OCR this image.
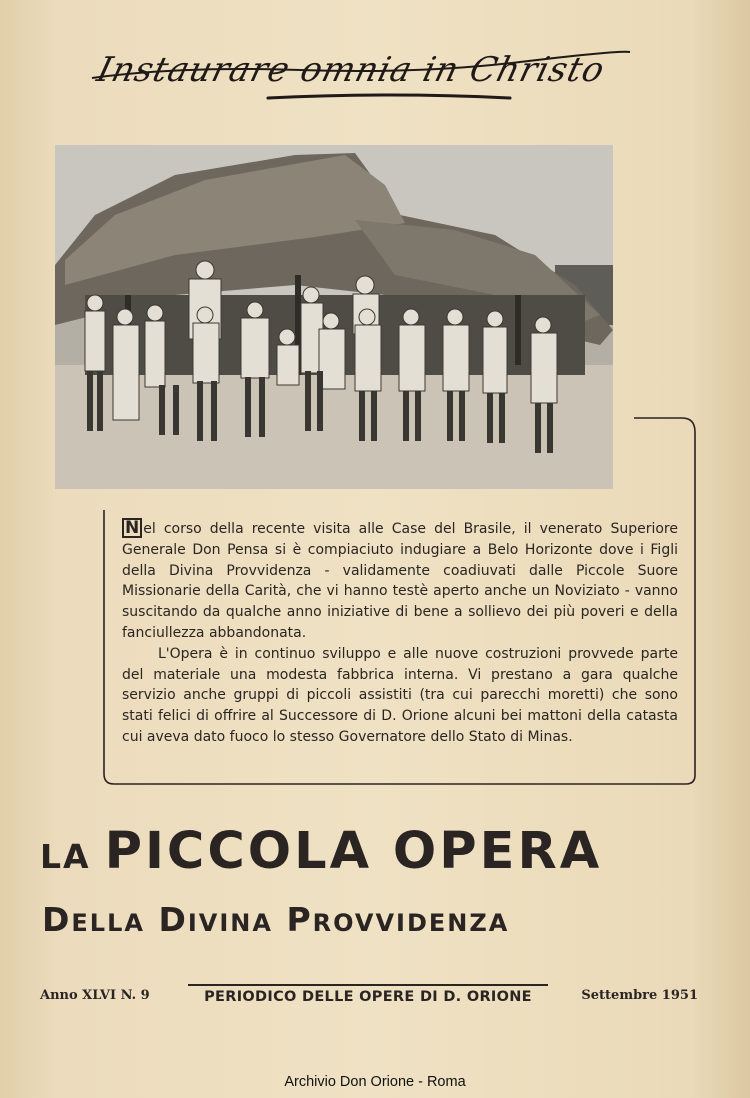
Instaurare omnia in Christo

N el corso della recente visita alle Case del Brasile, il venerato Superiore Generale Don Pensa si è compiaciuto indugiare a Belo Horizonte dove i Figli della Divina Provvidenza - validamente coadiuvati dalle Piccole Suore Missionarie della Carità, che vi hanno testè aperto anche un Noviziato - vanno suscitando da qualche anno iniziative di bene a sollievo dei più poveri e della fanciullezza abbandonata.

L'Opera è in continuo sviluppo e alle nuove costruzioni provvede parte del materiale una modesta fabbrica interna. Vi prestano a gara qualche servizio anche gruppi di piccoli assistiti (tra cui parecchi moretti) che sono stati felici di offrire al Successore di D. Orione alcuni bei mattoni della catasta cui aveva dato fuoco lo stesso Governatore dello Stato di Minas.

LA PICCOLA OPERA
DELLA DIVINA PROVVIDENZA
Anno XLVI N. 9	PERIODICO DELLE OPERE DI D. ORIONE	Settembre 1951
Archivio Don Orione - Roma
